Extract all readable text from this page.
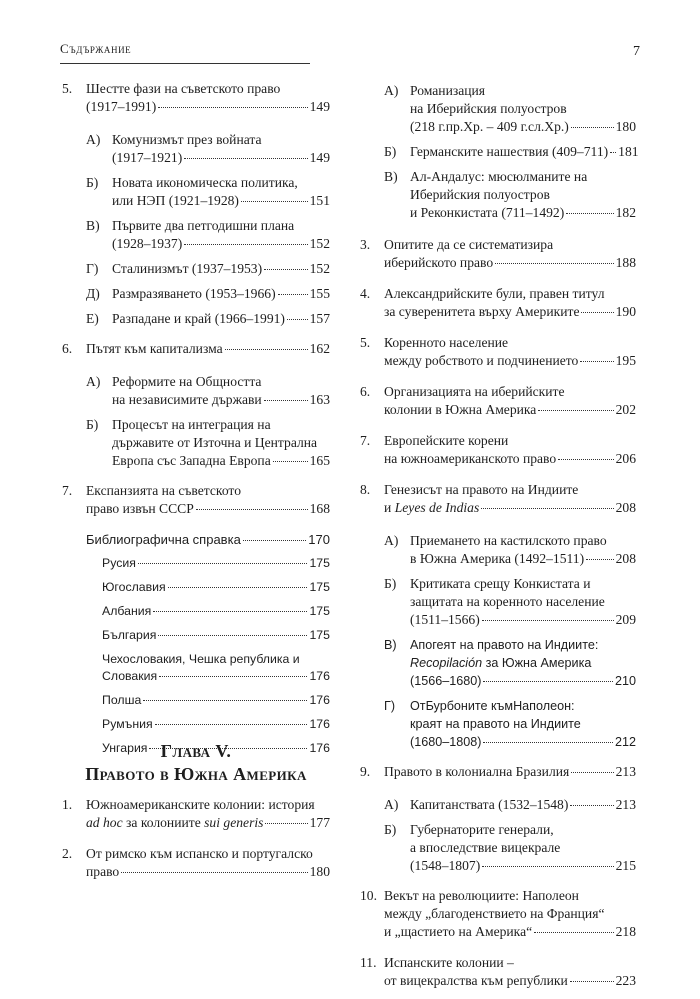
Съдържание	7
5. Шестте фази на съветското право
(1917–1991)	149
А) Комунизмът през войната
(1917–1921)	149
Б) Новата икономическа политика,
или НЭП (1921–1928)	151
В) Първите два петгодишни плана
(1928–1937)	152
Г) Сталинизмът (1937–1953)	152
Д) Размразяването (1953–1966)	155
Е) Разпадане и край (1966–1991) 157
6. Пътят към капитализма	162
А) Реформите на Общността
на независимите държави	163
Б) Процесът на интеграция на
държавите от Източна и Централна
Европа със Западна Европа	165
7. Експанзията на съветското
право извън СССР	168
Библиографична справка	170
Русия	175
Югославия	175
Албания	175
България	175
Чехословакия, Чешка република и
Словакия	176
Полша	176
Румъния	176
Унгария	176
Глава V.
Правото в Южна Америка
1. Южноамериканските колонии: история
ad hoc за колониите sui generis	177
2. От римско към испанско и португалско
право	180
А) Романизация
на Иберийския полуостров
(218 г.пр.Хр. – 409 г.сл.Хр.)	180
Б) Германските нашествия (409–711) 181
В) Ал-Андалус: мюсюлманите на
Иберийския полуостров
и Реконкистата (711–1492)	182
3. Опитите да се систематизира
иберийското право	188
4. Александрийските були, правен титул
за суверенитета върху Америките	190
5. Коренното население
между робството и подчинението	195
6. Организацията на иберийските
колонии в Южна Америка	202
7. Европейските корени
на южноамериканското право	206
8. Генезисът на правото на Индиите
и Leyes de Indias	208
А) Приемането на кастилското право
в Южна Америка (1492–1511) 208
Б) Критиката срещу Конкистата и
защитата на коренното население
(1511–1566)	209
В) Апогеят на правото на Индиите:
Recopilación за Южна Америка
(1566–1680)	210
Г) ОтБурбоните къмНаполеон:
краят на правото на Индиите
(1680–1808)	212
9. Правото в колониална Бразилия	213
А) Капитанствата (1532–1548)	213
Б) Губернаторите генерали,
а впоследствие вицекрале
(1548–1807)	215
10. Векът на революциите: Наполеон
между „благоденствието на Франция“
и „щастието на Америка“	218
11. Испанските колонии –
от вицекралства към републики	223
